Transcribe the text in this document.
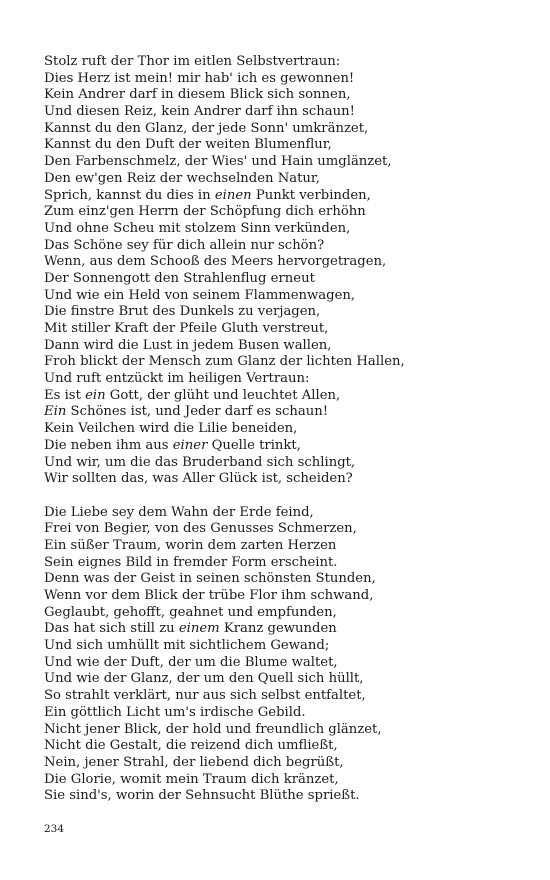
Stolz ruft der Thor im eitlen Selbstvertraun:
Dies Herz ist mein! mir hab' ich es gewonnen!
Kein Andrer darf in diesem Blick sich sonnen,
Und diesen Reiz, kein Andrer darf ihn schaun!
Kannst du den Glanz, der jede Sonn' umkränzet,
Kannst du den Duft der weiten Blumenflur,
Den Farbenschmelz, der Wies' und Hain umglänzet,
Den ew'gen Reiz der wechselnden Natur,
Sprich, kannst du dies in einen Punkt verbinden,
Zum einz'gen Herrn der Schöpfung dich erhöhn
Und ohne Scheu mit stolzem Sinn verkünden,
Das Schöne sey für dich allein nur schön?
Wenn, aus dem Schooß des Meers hervorgetragen,
Der Sonnengott den Strahlenflug erneut
Und wie ein Held von seinem Flammenwagen,
Die finstre Brut des Dunkels zu verjagen,
Mit stiller Kraft der Pfeile Gluth verstreut,
Dann wird die Lust in jedem Busen wallen,
Froh blickt der Mensch zum Glanz der lichten Hallen,
Und ruft entzückt im heiligen Vertraun:
Es ist ein Gott, der glüht und leuchtet Allen,
Ein Schönes ist, und Jeder darf es schaun!
Kein Veilchen wird die Lilie beneiden,
Die neben ihm aus einer Quelle trinkt,
Und wir, um die das Bruderband sich schlingt,
Wir sollten das, was Aller Glück ist, scheiden?
Die Liebe sey dem Wahn der Erde feind,
Frei von Begier, von des Genusses Schmerzen,
Ein süßer Traum, worin dem zarten Herzen
Sein eignes Bild in fremder Form erscheint.
Denn was der Geist in seinen schönsten Stunden,
Wenn vor dem Blick der trübe Flor ihm schwand,
Geglaubt, gehofft, geahnet und empfunden,
Das hat sich still zu einem Kranz gewunden
Und sich umhüllt mit sichtlichem Gewand;
Und wie der Duft, der um die Blume waltet,
Und wie der Glanz, der um den Quell sich hüllt,
So strahlt verklärt, nur aus sich selbst entfaltet,
Ein göttlich Licht um's irdische Gebild.
Nicht jener Blick, der hold und freundlich glänzet,
Nicht die Gestalt, die reizend dich umfließt,
Nein, jener Strahl, der liebend dich begrüßt,
Die Glorie, womit mein Traum dich kränzet,
Sie sind's, worin der Sehnsucht Blüthe sprießt.
234
